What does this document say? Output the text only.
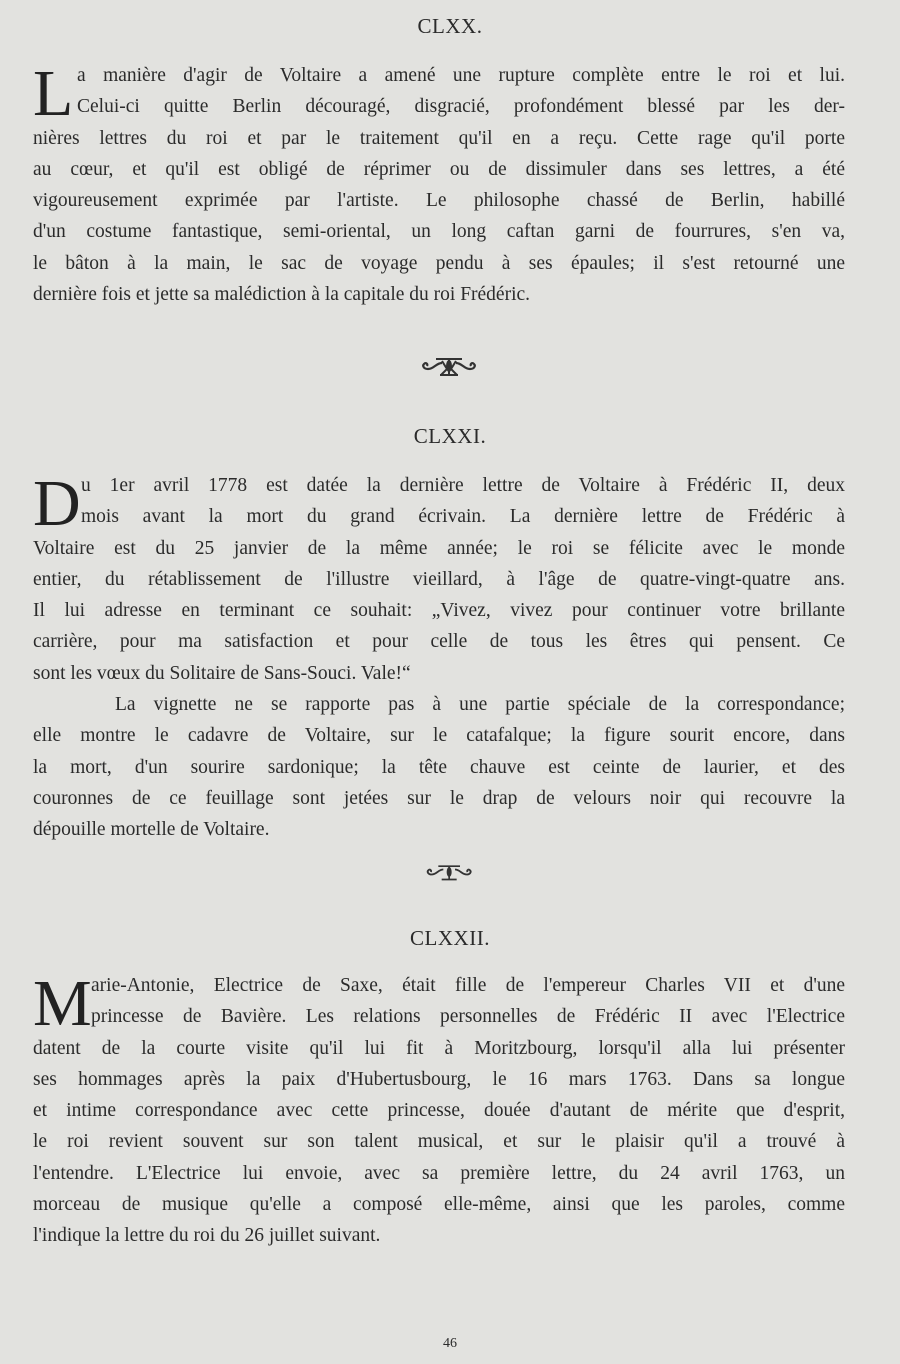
CLXX.
L a manière d'agir de Voltaire a amené une rupture complète entre le roi et lui.
Celui-ci quitte Berlin découragé, disgracié, profondément blessé par les der-
nières lettres du roi et par le traitement qu'il en a reçu. Cette rage qu'il porte
au cœur, et qu'il est obligé de réprimer ou de dissimuler dans ses lettres, a été
vigoureusement exprimée par l'artiste. Le philosophe chassé de Berlin, habillé
d'un costume fantastique, semi-oriental, un long caftan garni de fourrures, s'en va,
le bâton à la main, le sac de voyage pendu à ses épaules; il s'est retourné une
dernière fois et jette sa malédiction à la capitale du roi Frédéric.
CLXXI.
D u 1er avril 1778 est datée la dernière lettre de Voltaire à Frédéric II, deux
mois avant la mort du grand écrivain. La dernière lettre de Frédéric à
Voltaire est du 25 janvier de la même année; le roi se félicite avec le monde
entier, du rétablissement de l'illustre vieillard, à l'âge de quatre-vingt-quatre ans.
Il lui adresse en terminant ce souhait: „Vivez, vivez pour continuer votre brillante
carrière, pour ma satisfaction et pour celle de tous les êtres qui pensent. Ce
sont les vœux du Solitaire de Sans-Souci. Vale!“
La vignette ne se rapporte pas à une partie spéciale de la correspondance;
elle montre le cadavre de Voltaire, sur le catafalque; la figure sourit encore, dans
la mort, d'un sourire sardonique; la tête chauve est ceinte de laurier, et des
couronnes de ce feuillage sont jetées sur le drap de velours noir qui recouvre la
dépouille mortelle de Voltaire.
CLXXII.
M arie-Antonie, Electrice de Saxe, était fille de l'empereur Charles VII et d'une
princesse de Bavière. Les relations personnelles de Frédéric II avec l'Electrice
datent de la courte visite qu'il lui fit à Moritzbourg, lorsqu'il alla lui présenter
ses hommages après la paix d'Hubertusbourg, le 16 mars 1763. Dans sa longue
et intime correspondance avec cette princesse, douée d'autant de mérite que d'esprit,
le roi revient souvent sur son talent musical, et sur le plaisir qu'il a trouvé à
l'entendre. L'Electrice lui envoie, avec sa première lettre, du 24 avril 1763, un
morceau de musique qu'elle a composé elle-même, ainsi que les paroles, comme
l'indique la lettre du roi du 26 juillet suivant.
46
